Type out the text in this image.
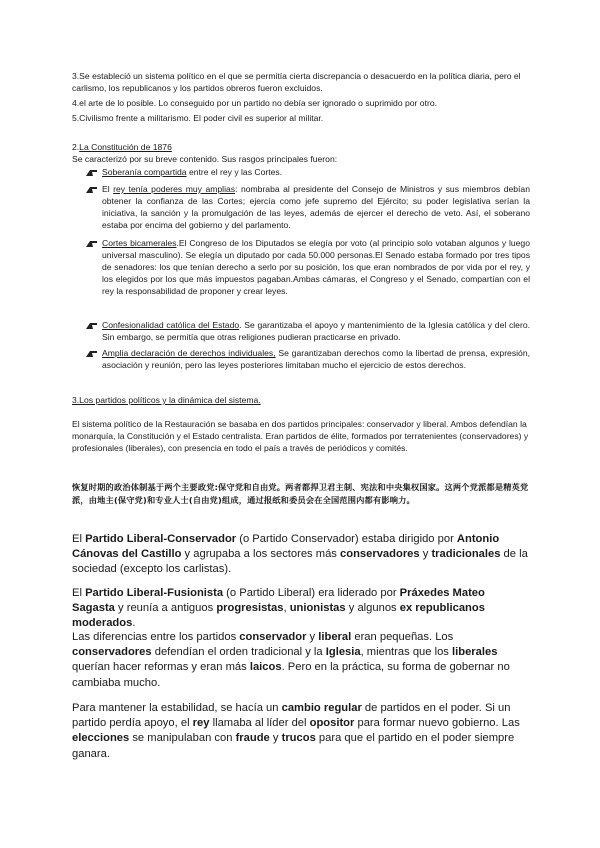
3.Se estableció un sistema político en el que se permitía cierta discrepancia o desacuerdo en la política diaria, pero el carlismo, los republicanos y los partidos obreros fueron excluidos.

4.el arte de lo posible. Lo conseguido por un partido no debía ser ignorado o suprimido por otro.

5.Civilismo frente a militarismo. El poder civil es superior al militar.

2.La Constitución de 1876

Se caracterizó por su breve contenido. Sus rasgos principales fueron:

Soberanía compartida entre el rey y las Cortes.

El rey tenía poderes muy amplias: nombraba al presidente del Consejo de Ministros y sus miembros debían obtener la confianza de las Cortes; ejercía como jefe supremo del Ejército; su poder legislativa serían la iniciativa, la sanción y la promulgación de las leyes, además de ejercer el derecho de veto. Así, el soberano estaba por encima del gobierno y del parlamento.

Cortes bicamerales.El Congreso de los Diputados se elegía por voto (al principio solo votaban algunos y luego universal masculino). Se elegía un diputado por cada 50.000 personas.El Senado estaba formado por tres tipos de senadores: los que tenían derecho a serlo por su posición, los que eran nombrados de por vida por el rey, y los elegidos por los que más impuestos pagaban.Ambas cámaras, el Congreso y el Senado, compartían con el rey la responsabilidad de proponer y crear leyes.

Confesionalidad católica del Estado. Se garantizaba el apoyo y mantenimiento de la Iglesia católica y del clero. Sin embargo, se permitía que otras religiones pudieran practicarse en privado.

Amplia declaración de derechos individuales, Se garantizaban derechos como la libertad de prensa, expresión, asociación y reunión, pero las leyes posteriores limitaban mucho el ejercicio de estos derechos.

3.Los partidos políticos y la dinámica del sistema.

El sistema político de la Restauración se basaba en dos partidos principales: conservador y liberal. Ambos defendían la monarquía, la Constitución y el Estado centralista. Eran partidos de élite, formados por terratenientes (conservadores) y profesionales (liberales), con presencia en todo el país a través de periódicos y comités.

恢复时期的政治体制基于两个主要政党:保守党和自由党。两者都捍卫君主制、宪法和中央集权国家。这两个党派都是精英党派，由地主(保守党)和专业人士(自由党)组成，通过报纸和委员会在全国范围内都有影响力。

El Partido Liberal-Conservador (o Partido Conservador) estaba dirigido por Antonio Cánovas del Castillo y agrupaba a los sectores más conservadores y tradicionales de la sociedad (excepto los carlistas).

El Partido Liberal-Fusionista (o Partido Liberal) era liderado por Práxedes Mateo Sagasta y reunía a antiguos progresistas, unionistas y algunos ex republicanos moderados.

Las diferencias entre los partidos conservador y liberal eran pequeñas. Los conservadores defendían el orden tradicional y la Iglesia, mientras que los liberales querían hacer reformas y eran más laicos. Pero en la práctica, su forma de gobernar no cambiaba mucho.

Para mantener la estabilidad, se hacía un cambio regular de partidos en el poder. Si un partido perdía apoyo, el rey llamaba al líder del opositor para formar nuevo gobierno. Las elecciones se manipulaban con fraude y trucos para que el partido en el poder siempre ganara.
